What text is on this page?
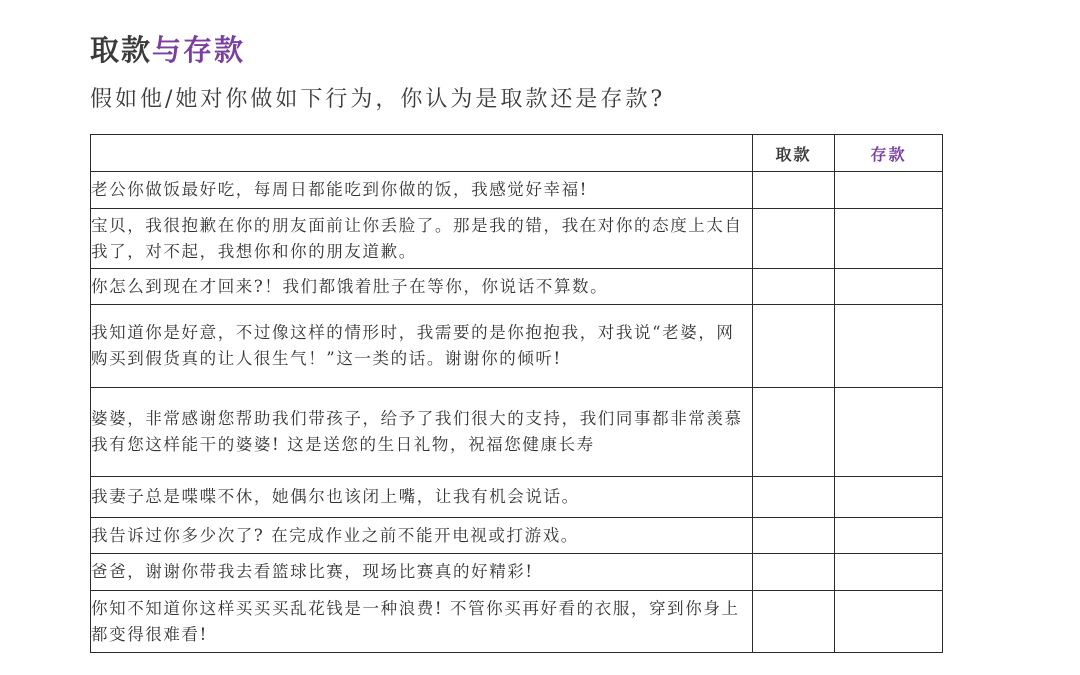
取款与存款

假如他/她对你做如下行为，你认为是取款还是存款?

	取款	存款
老公你做饭最好吃，每周日都能吃到你做的饭，我感觉好幸福!		
宝贝，我很抱歉在你的朋友面前让你丢脸了。那是我的错，我在对你的态度上太自我了，对不起，我想你和你的朋友道歉。		
你怎么到现在才回来?！我们都饿着肚子在等你，你说话不算数。		
我知道你是好意，不过像这样的情形时，我需要的是你抱抱我，对我说“老婆，网购买到假货真的让人很生气！”这一类的话。谢谢你的倾听!		
婆婆，非常感谢您帮助我们带孩子，给予了我们很大的支持，我们同事都非常羡慕我有您这样能干的婆婆! 这是送您的生日礼物，祝福您健康长寿		
我妻子总是喋喋不休，她偶尔也该闭上嘴，让我有机会说话。		
我告诉过你多少次了? 在完成作业之前不能开电视或打游戏。		
爸爸，谢谢你带我去看篮球比赛，现场比赛真的好精彩!		
你知不知道你这样买买买乱花钱是一种浪费! 不管你买再好看的衣服，穿到你身上都变得很难看!		
